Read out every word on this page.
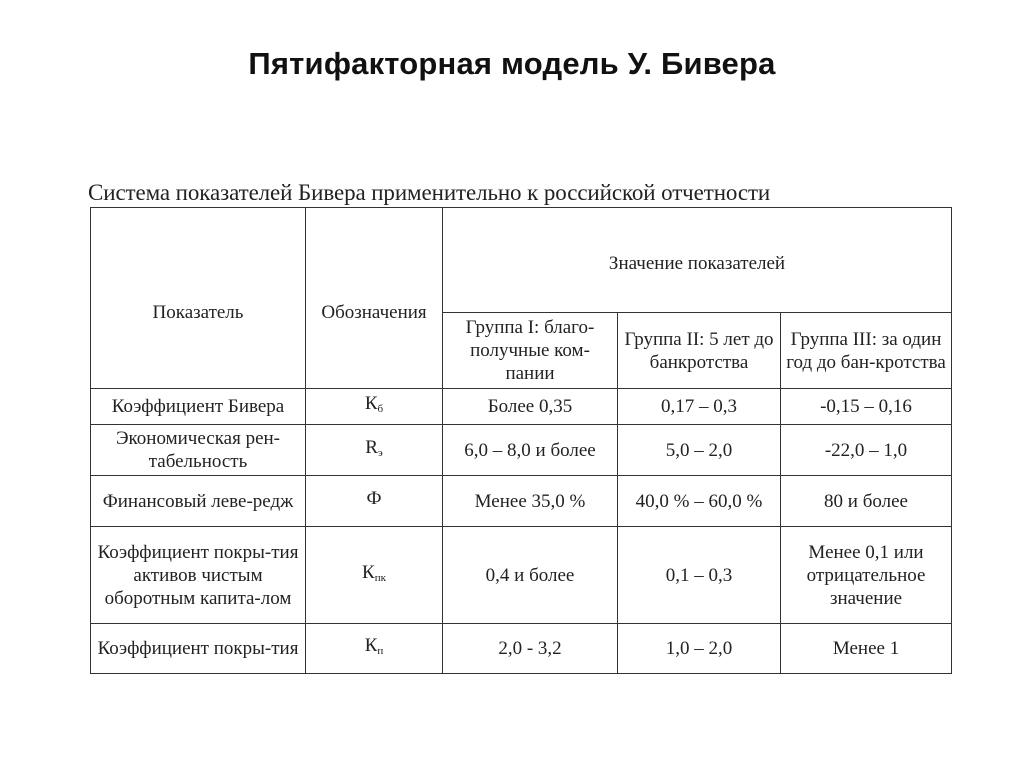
Пятифакторная модель У. Бивера
Система показателей Бивера применительно к российской отчетности
Показатель	Обозначения	Значение показателей		
		Группа I: благо-получные ком-пании	Группа II: 5 лет до банкротства	Группа III: за один год до бан-кротства
Коэффициент Бивера	$К_б$	Более 0,35	0,17 – 0,3	-0,15 – 0,16
Экономическая рен-табельность	$R_э$	6,0 – 8,0 и более	5,0 – 2,0	-22,0 – 1,0
Финансовый леве-редж	Ф	Менее 35,0 %	40,0 % – 60,0 %	80 и более
Коэффициент покры-тия активов чистым оборотным капита-лом	$К_{пк}$	0,4 и более	0,1 – 0,3	Менее 0,1 или отрицательное значение
Коэффициент покры-тия	$К_п$	2,0 - 3,2	1,0 – 2,0	Менее 1
